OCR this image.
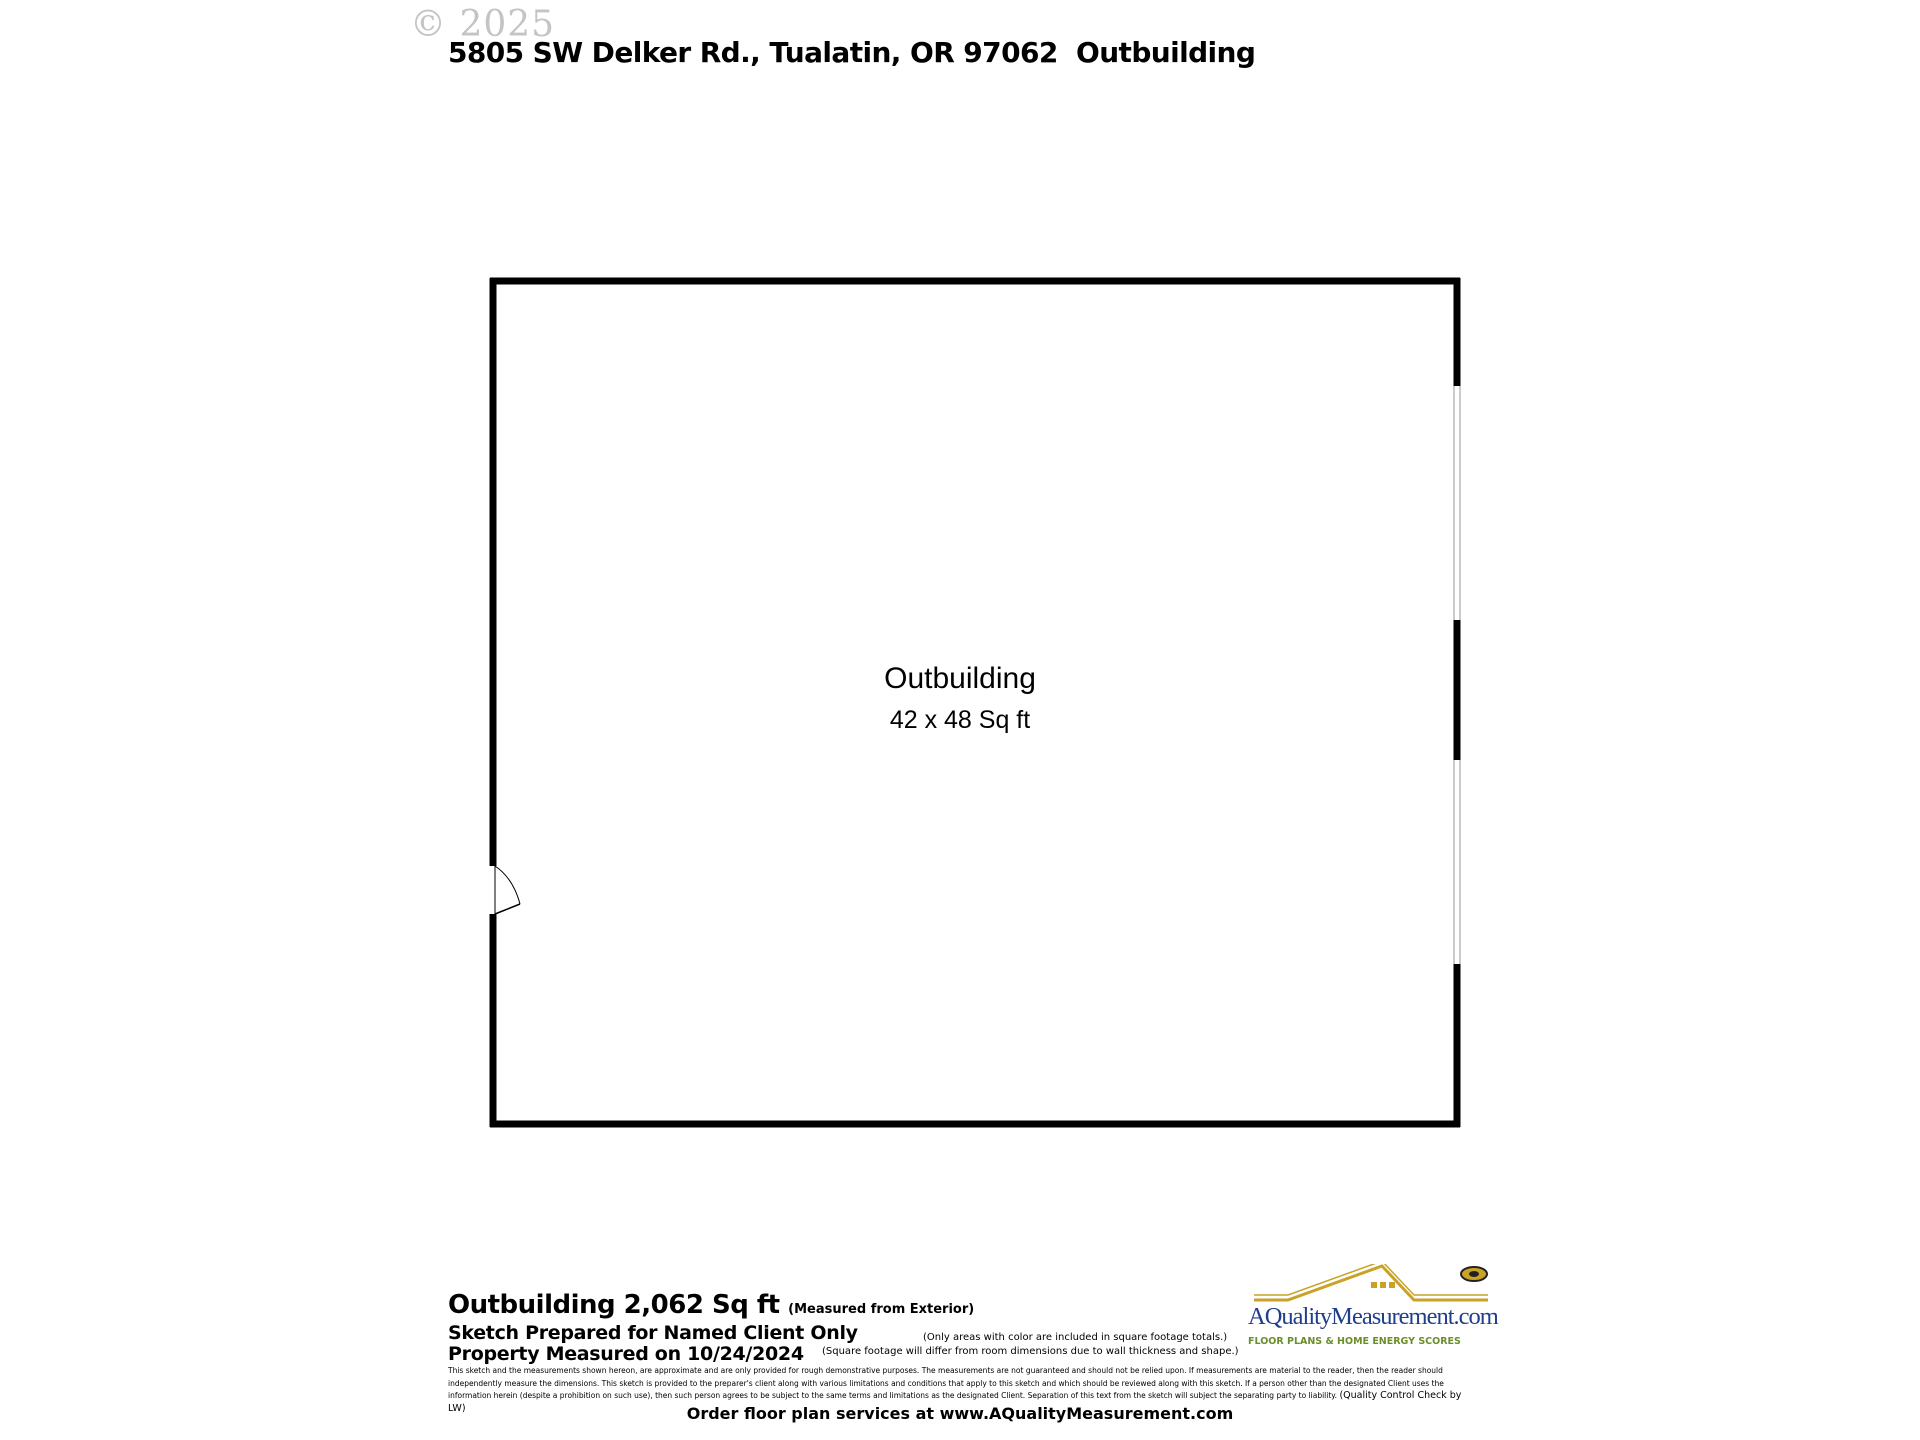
© 2025
5805 SW Delker Rd., Tualatin, OR 97062  Outbuilding
Outbuilding
42 x 48 Sq ft
Outbuilding 2,062 Sq ft (Measured from Exterior)
Sketch Prepared for Named Client Only
Property Measured on 10/24/2024
(Only areas with color are included in square footage totals.)
(Square footage will differ from room dimensions due to wall thickness and shape.)
This sketch and the measurements shown hereon, are approximate and are only provided for rough demonstrative purposes. The measurements are not guaranteed and should not be relied upon. If measurements are material to the reader, then the reader should independently measure the dimensions. This sketch is provided to the preparer's client along with various limitations and conditions that apply to this sketch and which should be reviewed along with this sketch. If a person other than the designated Client uses the information herein (despite a prohibition on such use), then such person agrees to be subject to the same terms and limitations as the designated Client. Separation of this text from the sketch will subject the separating party to liability. (Quality Control Check by LW)	Order floor plan services at www.AQualityMeasurement.com
AQualityMeasurement.com
FLOOR PLANS & HOME ENERGY SCORES
